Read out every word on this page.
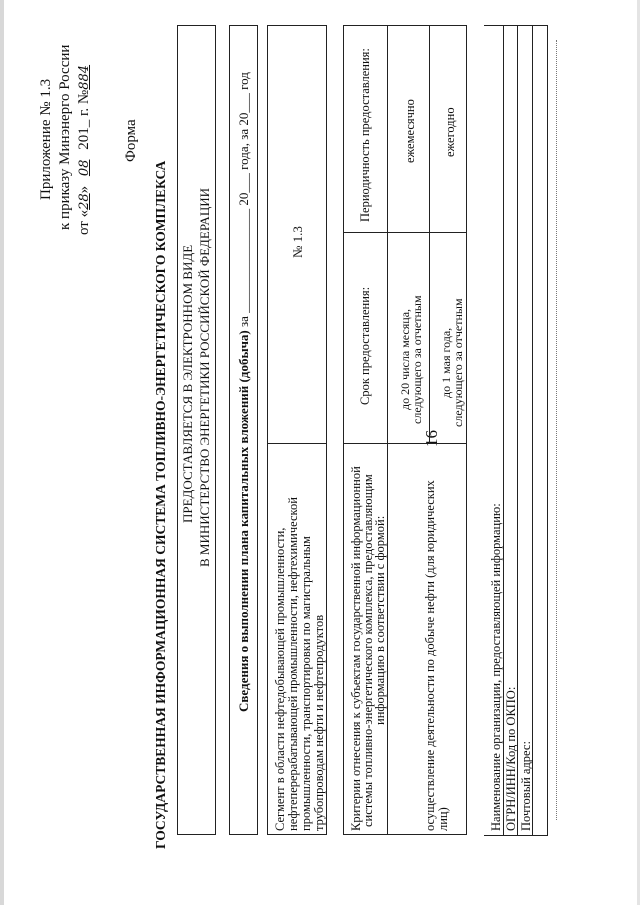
16
Приложение № 1.3 к приказу Минэнерго России от «28» 08 201_ г. №884
Форма
ГОСУДАРСТВЕННАЯ ИНФОРМАЦИОННАЯ СИСТЕМА ТОПЛИВНО-ЭНЕРГЕТИЧЕСКОГО КОМПЛЕКСА ПРЕДОСТАВЛЯЕТСЯ В ЭЛЕКТРОННОМ ВИДЕ В МИНИСТЕРСТВО ЭНЕРГЕТИКИ РОССИЙСКОЙ ФЕДЕРАЦИИ Сведения о выполнении плана капитальных вложений (добыча) за ________________ 20___ года, за 20___ год
Сегмент в области нефтедобывающей промышленности, нефтеперерабатывающей промышленности, нефтехимической промышленности, транспортировки по магистральным трубопроводам нефти и нефтепродуктов
№ 1.3
Критерии отнесения к субъектам государственной информационной
системы топливно-энергетического комплекса, предоставляющим
информацию в соответствии с формой:
Срок предоставления:
Периодичность предоставления:
осуществление деятельности по добыче нефти (для юридических лиц)
до 20 числа месяца,
следующего за отчетным до 1 мая года,
следующего за отчетным
ежемесячно ежегодно
Наименование организации, предоставляющей информацию: ОГРН/ИНН/Код по ОКПО: Почтовый адрес:
